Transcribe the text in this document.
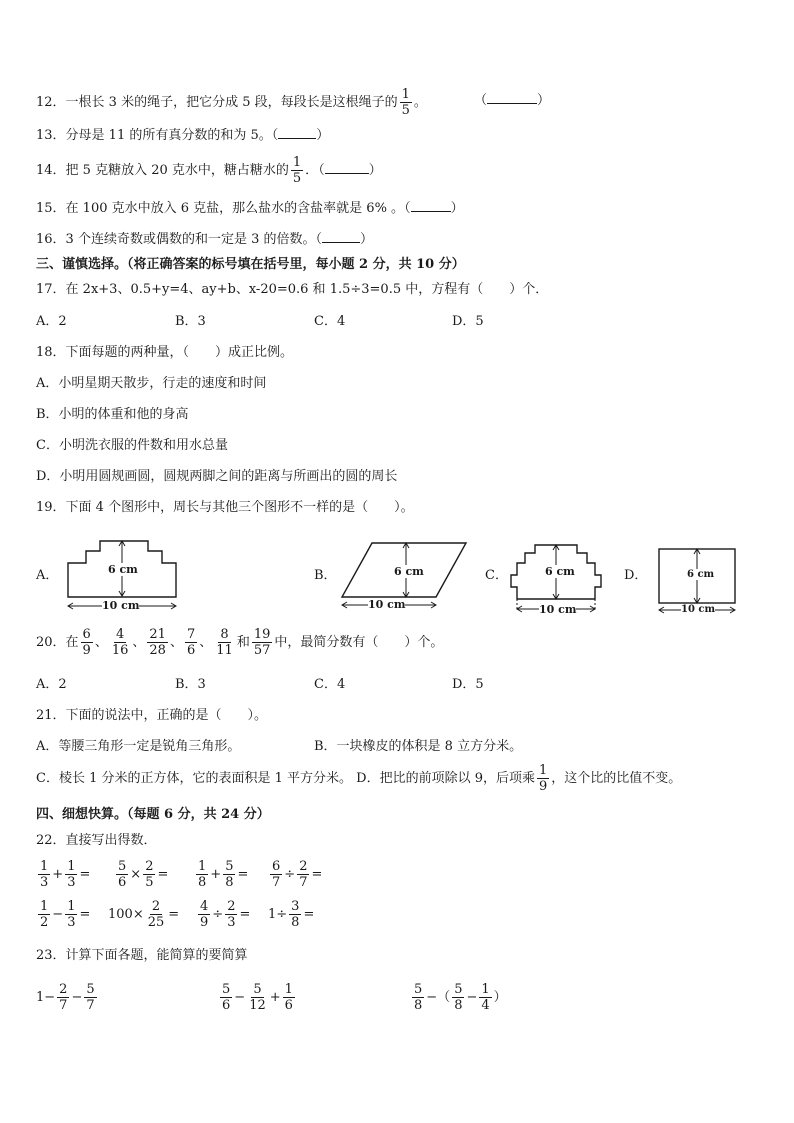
12．一根长 3 米的绳子，把它分成 5 段，每段长是这根绳子的 $\frac{1}{5}$ 。	（	）
13．分母是 11 的所有真分数的和为 5。（	）
14．把 5 克糖放入 20 克水中，糖占糖水的 $\frac{1}{5}$ ．（	）
15．在 100 克水中放入 6 克盐，那么盐水的含盐率就是 6% 。（	）
16．3 个连续奇数或偶数的和一定是 3 的倍数。（	）
三、谨慎选择。（将正确答案的标号填在括号里，每小题 2 分，共 10 分）
17．在 2x+3、0.5+y=4、ay+b、x-20=0.6 和 1.5÷3=0.5 中，方程有（　　）个．
A．2	B．3	C．4	D．5
18．下面每题的两种量，（　　）成正比例。
A．小明星期天散步，行走的速度和时间
B．小明的体重和他的身高
C．小明洗衣服的件数和用水总量
D．小明用圆规画圆，圆规两脚之间的距离与所画出的圆的周长
19．下面 4 个图形中，周长与其他三个图形不一样的是（　　）。
A．	6 cm
10 cm
B．	6 cm
10 cm
C．	6 cm
10 cm
D．	6 cm
10 cm
20．在 $\frac{6}{9}$ 、 $\frac{4}{16}$ 、 $\frac{21}{28}$ 、 $\frac{7}{6}$ 、 $\frac{8}{11}$ 和 $\frac{19}{57}$ 中，最简分数有（　　）个。
A．2	B．3	C．4	D．5
21．下面的说法中，正确的是（　　）。
A．等腰三角形一定是锐角三角形。	B．一块橡皮的体积是 8 立方分米。
C．棱长 1 分米的正方体，它的表面积是 1 平方分米。 D．把比的前项除以 9，后项乘 $\frac{1}{9}$ ，这个比的比值不变。
四、细想快算。（每题 6 分，共 24 分）
22．直接写出得数．
$\frac{1}{3} + \frac{1}{3} = \frac{5}{6} \times \frac{2}{5} = \frac{1}{8} + \frac{5}{8} = \frac{6}{7} \div \frac{2}{7}$ =
$\frac{1}{2} - \frac{1}{3} = 100\times \frac{2}{25} = \frac{4}{9} \div \frac{2}{3} = 1\div \frac{3}{8}$ =
23．计算下面各题，能简算的要简算
$1- \frac{2}{7} - \frac{5}{7}$	$\frac{5}{6} - \frac{5}{12} + \frac{1}{6}$	$\frac{5}{8}$ −（ $\frac{5}{8} - \frac{1}{4}$ ）
